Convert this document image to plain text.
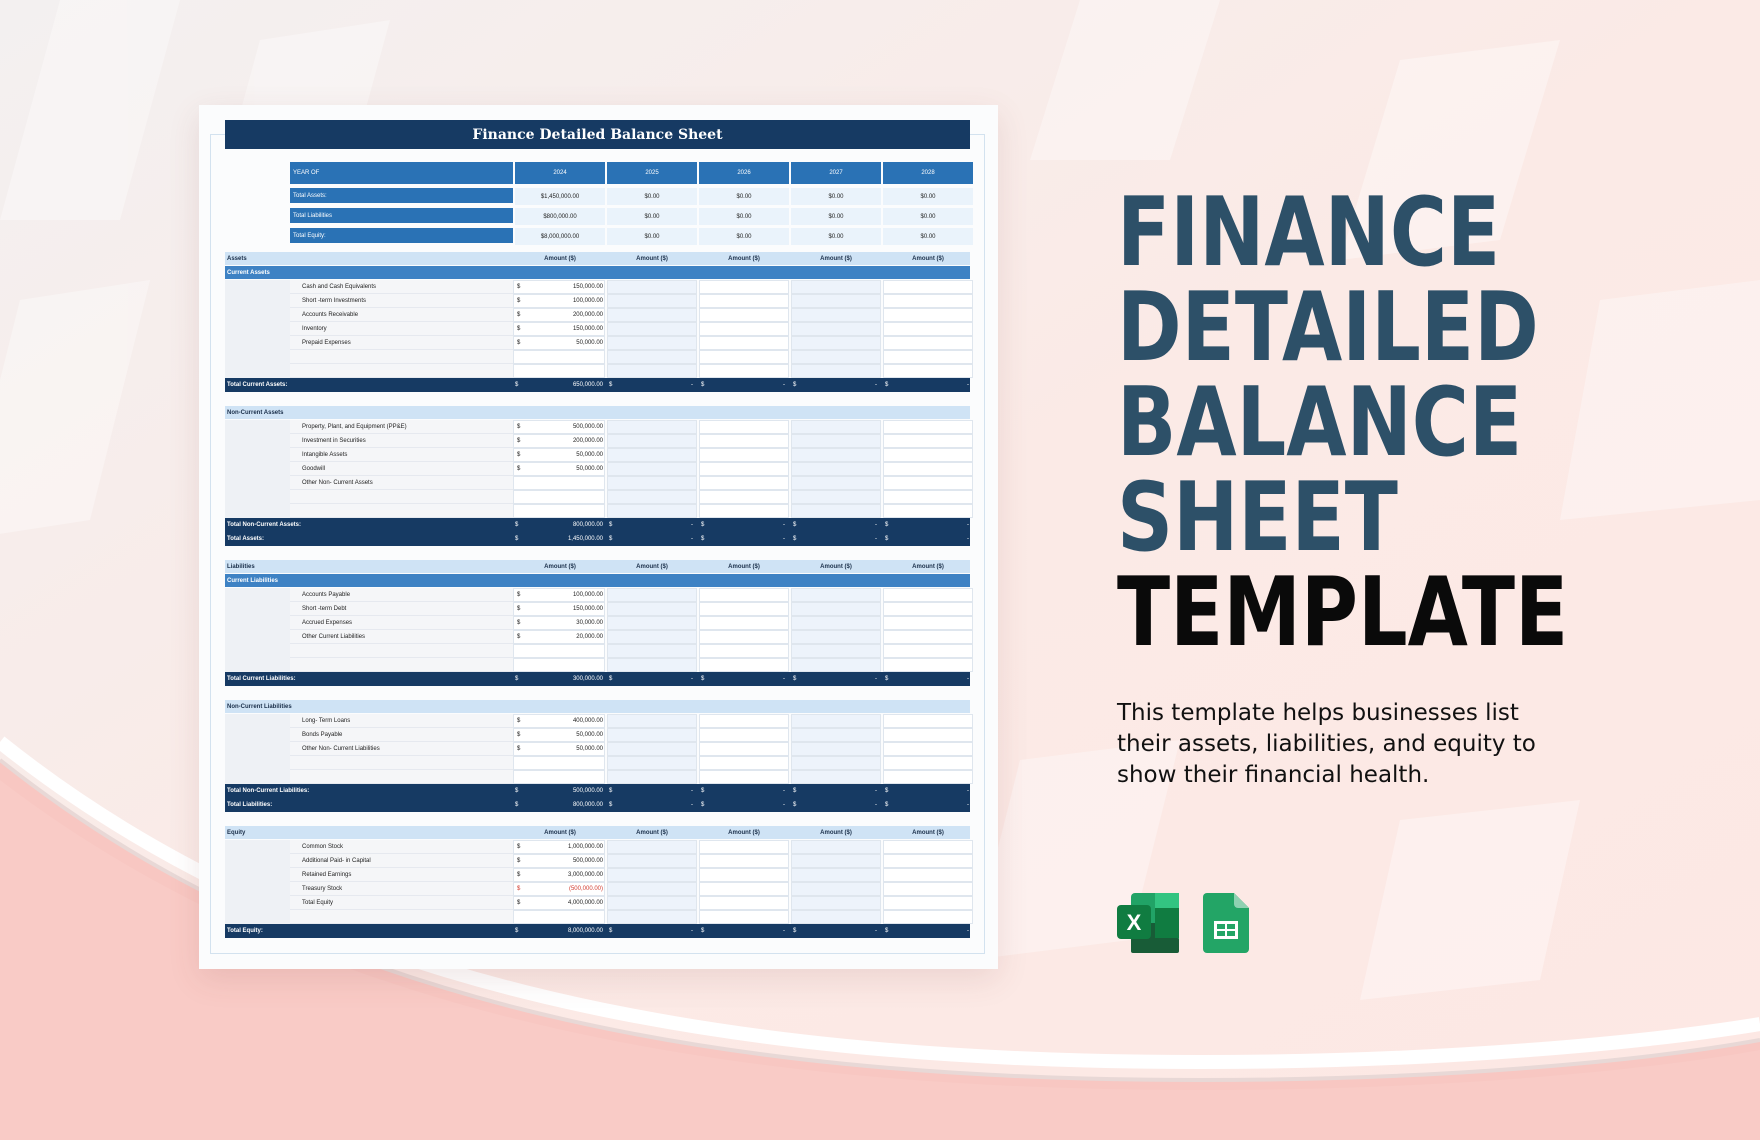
Finance Detailed Balance Sheet
YEAR OF	2024	2025	2026	2027	2028
Total Assets:	$1,450,000.00	$0.00	$0.00	$0.00	$0.00
Total Liabilities	$800,000.00	$0.00	$0.00	$0.00	$0.00
Total Equity:	$8,000,000.00	$0.00	$0.00	$0.00	$0.00
Assets	Amount ($)	Amount ($)	Amount ($)	Amount ($)	Amount ($)
Current Assets
Cash and Cash Equivalents	$	150,000.00
Short -term Investments	$	100,000.00
Accounts Receivable	$	200,000.00
Inventory	$	150,000.00
Prepaid Expenses	$	50,000.00
Total Current Assets:	$	650,000.00 $	- $	- $	- $	-
Non-Current Assets
Property, Plant, and Equipment (PP&E)	$	500,000.00
Investment in Securities	$	200,000.00
Intangible Assets	$	50,000.00
Goodwill	$	50,000.00
Other Non- Current Assets
Total Non-Current Assets:	$	800,000.00 $	- $	- $	- $	-
Total Assets:	$	1,450,000.00 $	- $	- $	- $	-
Liabilities	Amount ($)	Amount ($)	Amount ($)	Amount ($)	Amount ($)
Current Liabilities
Accounts Payable	$	100,000.00
Short -term Debt	$	150,000.00
Accrued Expenses	$	30,000.00
Other Current Liabilities	$	20,000.00
Total Current Liabilities:	$	300,000.00 $	- $	- $	- $	-
Non-Current Liabilities
Long- Term Loans	$	400,000.00
Bonds Payable	$	50,000.00
Other Non- Current Liabilities	$	50,000.00
Total Non-Current Liabilities:	$	500,000.00 $	- $	- $	- $	-
Total Liabilities:	$	800,000.00 $	- $	- $	- $	-
Equity	Amount ($)	Amount ($)	Amount ($)	Amount ($)	Amount ($)
Common Stock	$	1,000,000.00
Additional Paid- in Capital	$	500,000.00
Retained Earnings	$	3,000,000.00
Treasury Stock	$	(500,000.00)
Total Equity	$	4,000,000.00
Total Equity:	$	8,000,000.00 $	- $	- $	- $	-
FINANCE
DETAILED
BALANCE
SHEET
TEMPLATE
This template helps businesses list their assets, liabilities, and equity to show their financial health.
X
